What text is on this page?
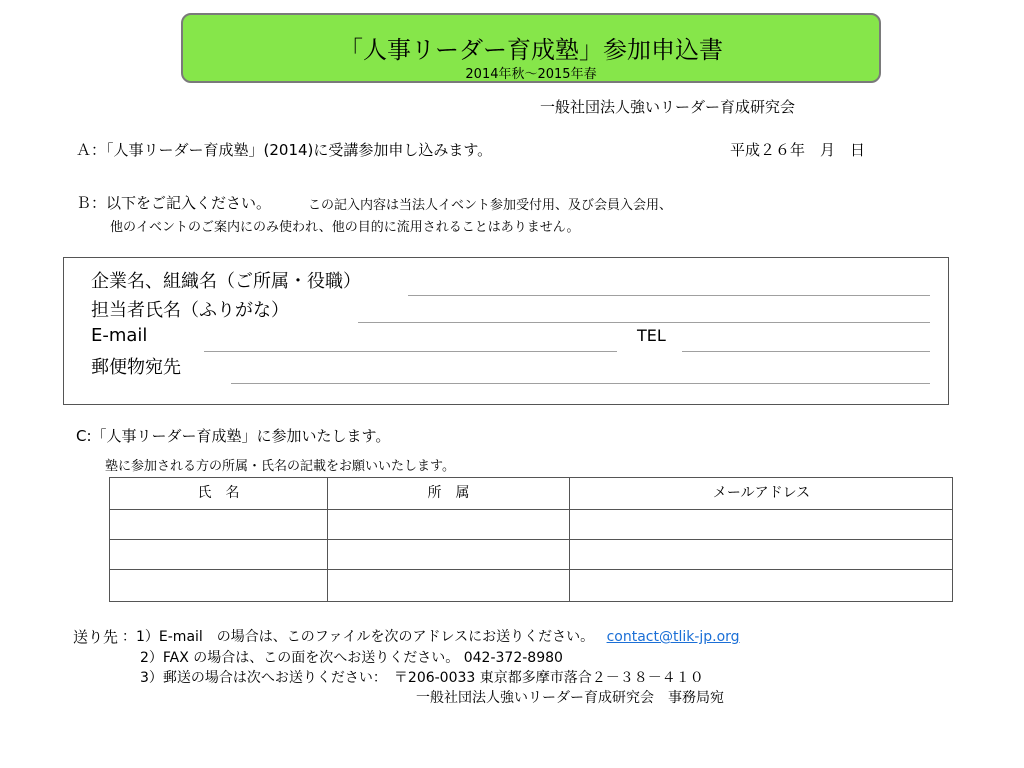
「人事リーダー育成塾」参加申込書
2014年秋～2015年春
一般社団法人強いリーダー育成研究会
Ａ：「人事リーダー育成塾」(2014)に受講参加申し込みます。	平成２６年　月　日
Ｂ：以下をご記入ください。	この記入内容は当法人イベント参加受付用、及び会員入会用、
他のイベントのご案内にのみ使われ、他の目的に流用されることはありません。
企業名、組織名（ご所属・役職）
担当者氏名（ふりがな）
E-mail	TEL
郵便物宛先
C:「人事リーダー育成塾」に参加いたします。
塾に参加される方の所属・氏名の記載をお願いいたします。
氏　名	所　属	メールアドレス
送り先 ：1）E-mail　の場合は、このファイルを次のアドレスにお送りください。 contact@tlik-jp.org
2）FAX の場合は、この面を次へお送りください。 042-372-8980
3）郵送の場合は次へお送りください：　〒206-0033 東京都多摩市落合２－３８－４１０
一般社団法人強いリーダー育成研究会　事務局宛
